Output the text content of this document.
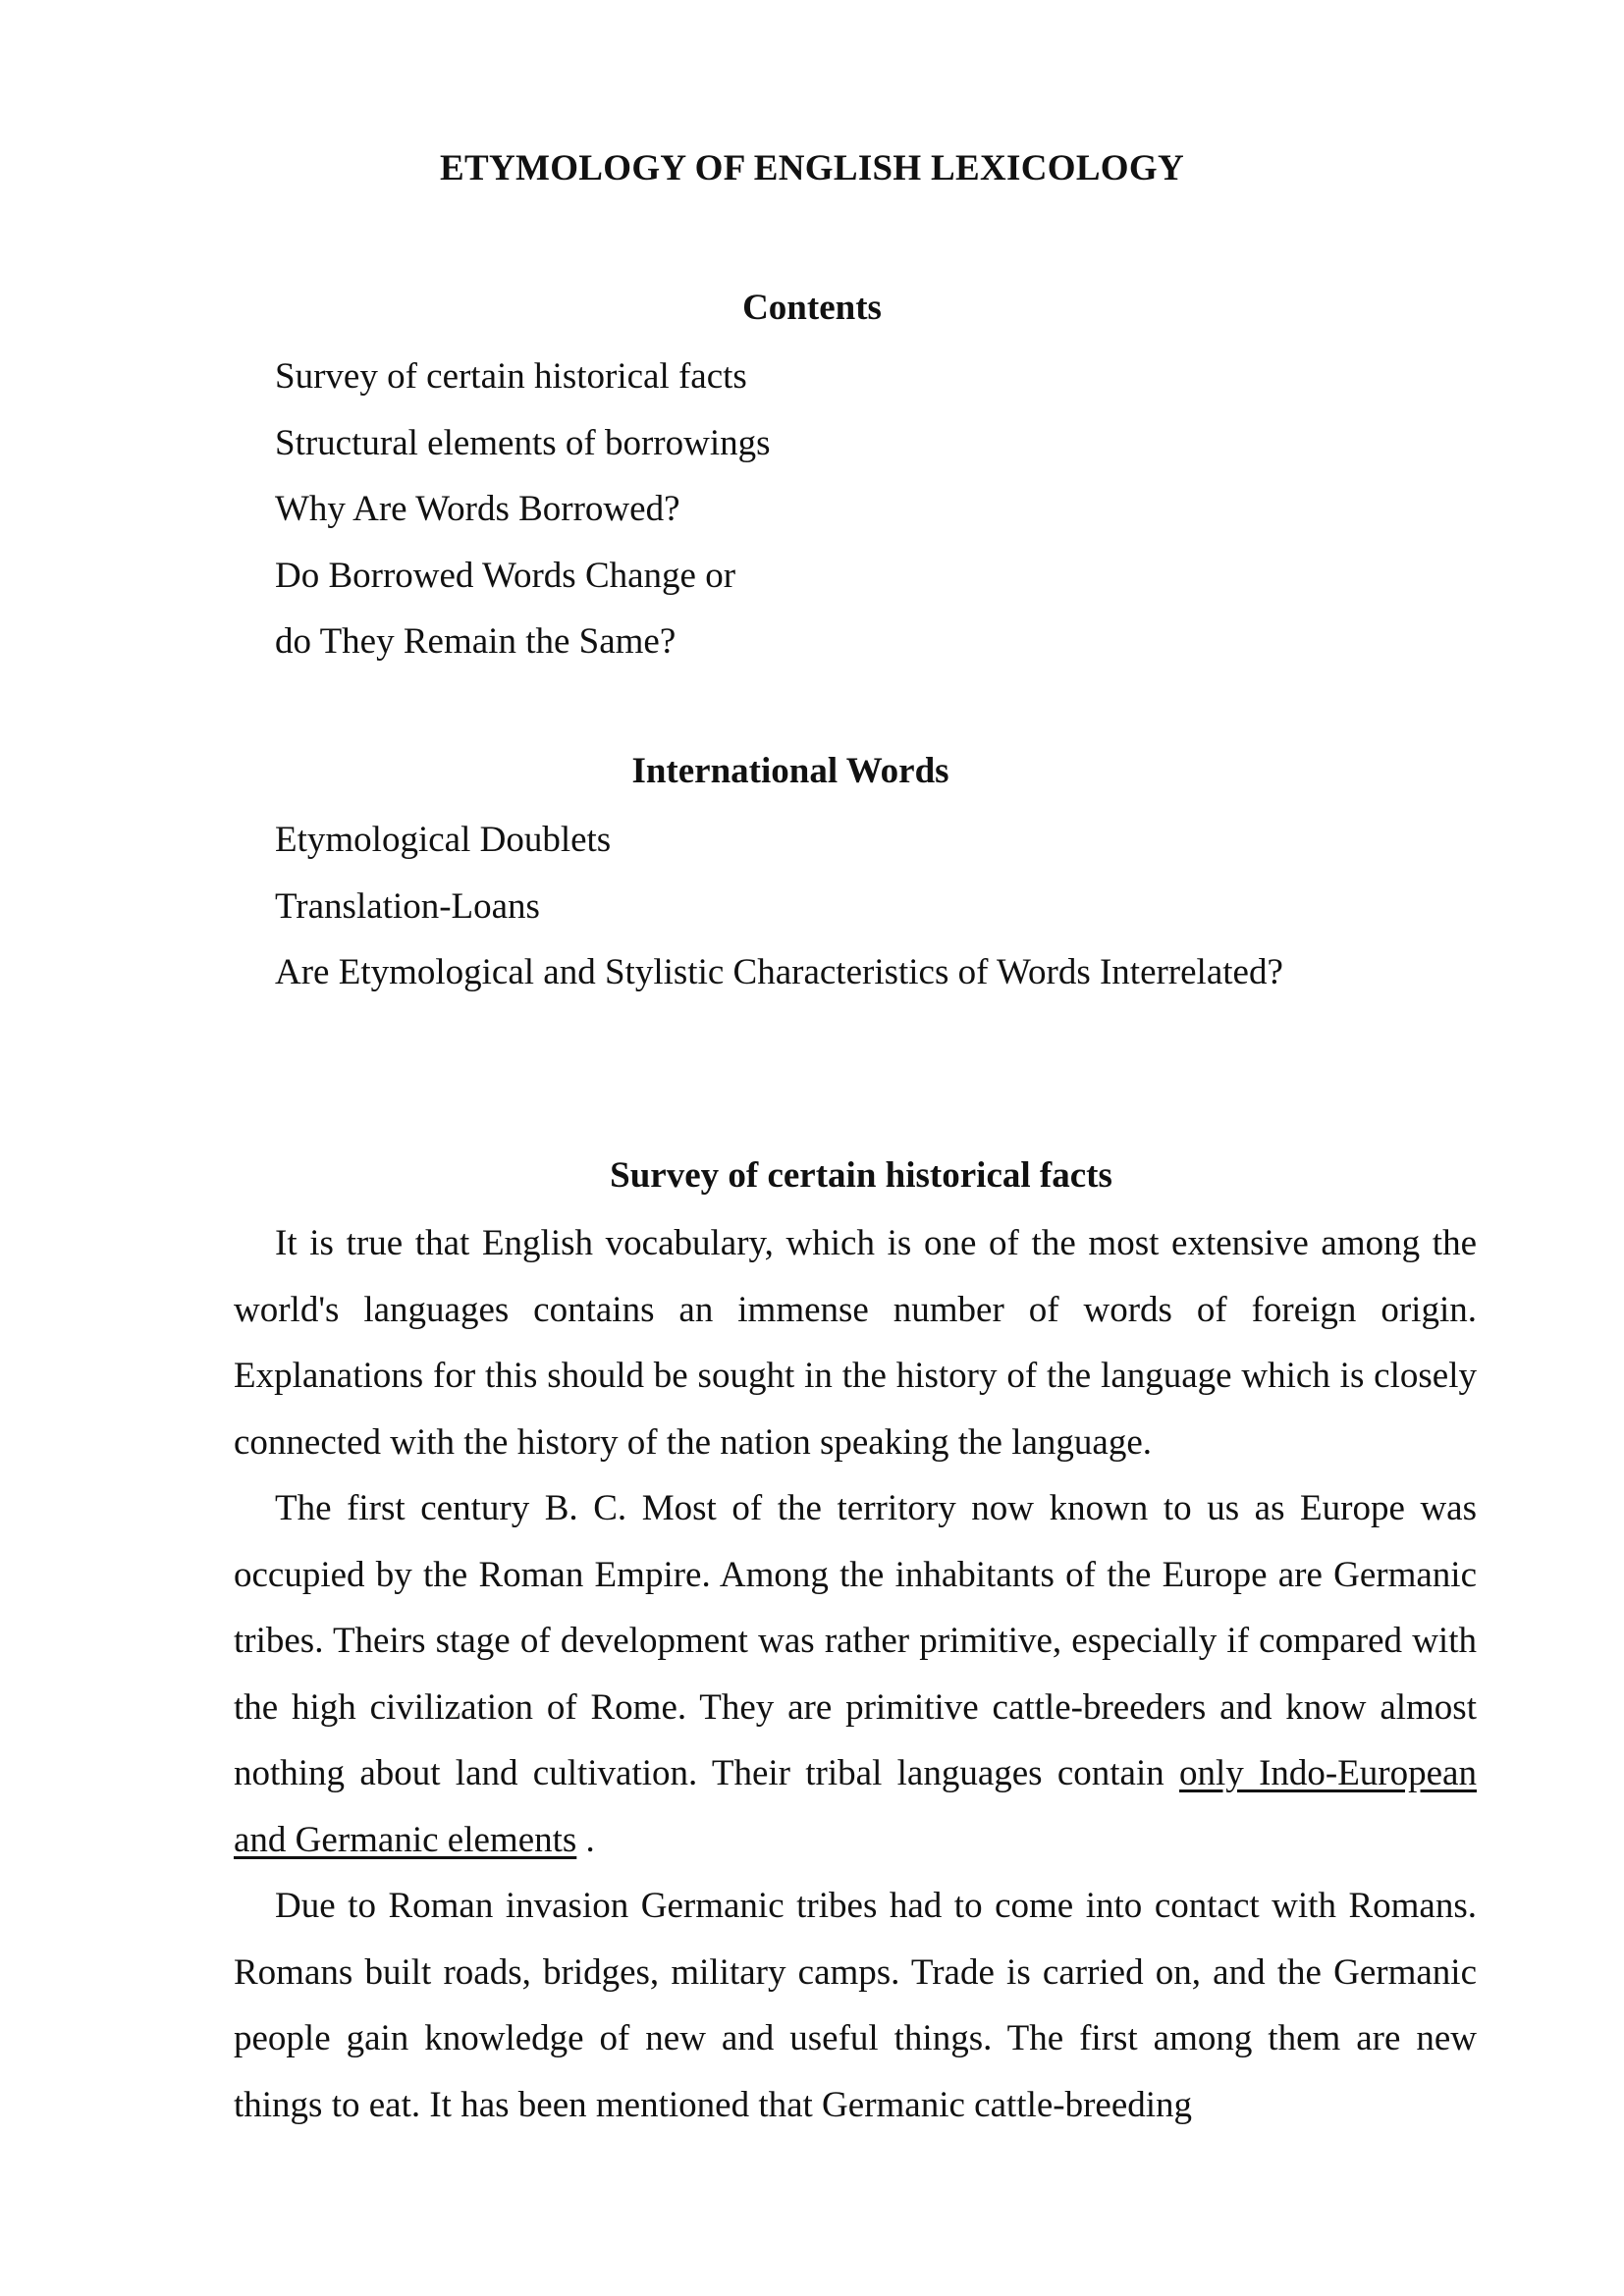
ETYMOLOGY OF ENGLISH LEXICOLOGY
Contents
Survey of certain historical facts
Structural elements of borrowings
Why Are Words Borrowed?
Do Borrowed Words Change or
do They Remain the Same?
International Words
Etymological Doublets
Translation-Loans
Are Etymological and Stylistic Characteristics of Words Interrelated?
Survey of certain historical facts

It is true that English vocabulary, which is one of the most extensive among the world's languages contains an immense number of words of foreign origin. Explanations for this should be sought in the history of the language which is closely connected with the history of the nation speaking the language.

The first century B. C. Most of the territory now known to us as Europe was occupied by the Roman Empire. Among the inhabitants of the Europe are Germanic tribes. Theirs stage of development was rather primitive, especially if compared with the high civilization of Rome. They are primitive cattle-breeders and know almost nothing about land cultivation. Their tribal languages contain only Indo-European and Germanic elements .

Due to Roman invasion Germanic tribes had to come into contact with Romans. Romans built roads, bridges, military camps. Trade is carried on, and the Germanic people gain knowledge of new and useful things. The first among them are new things to eat. It has been mentioned that Germanic cattle-breeding
